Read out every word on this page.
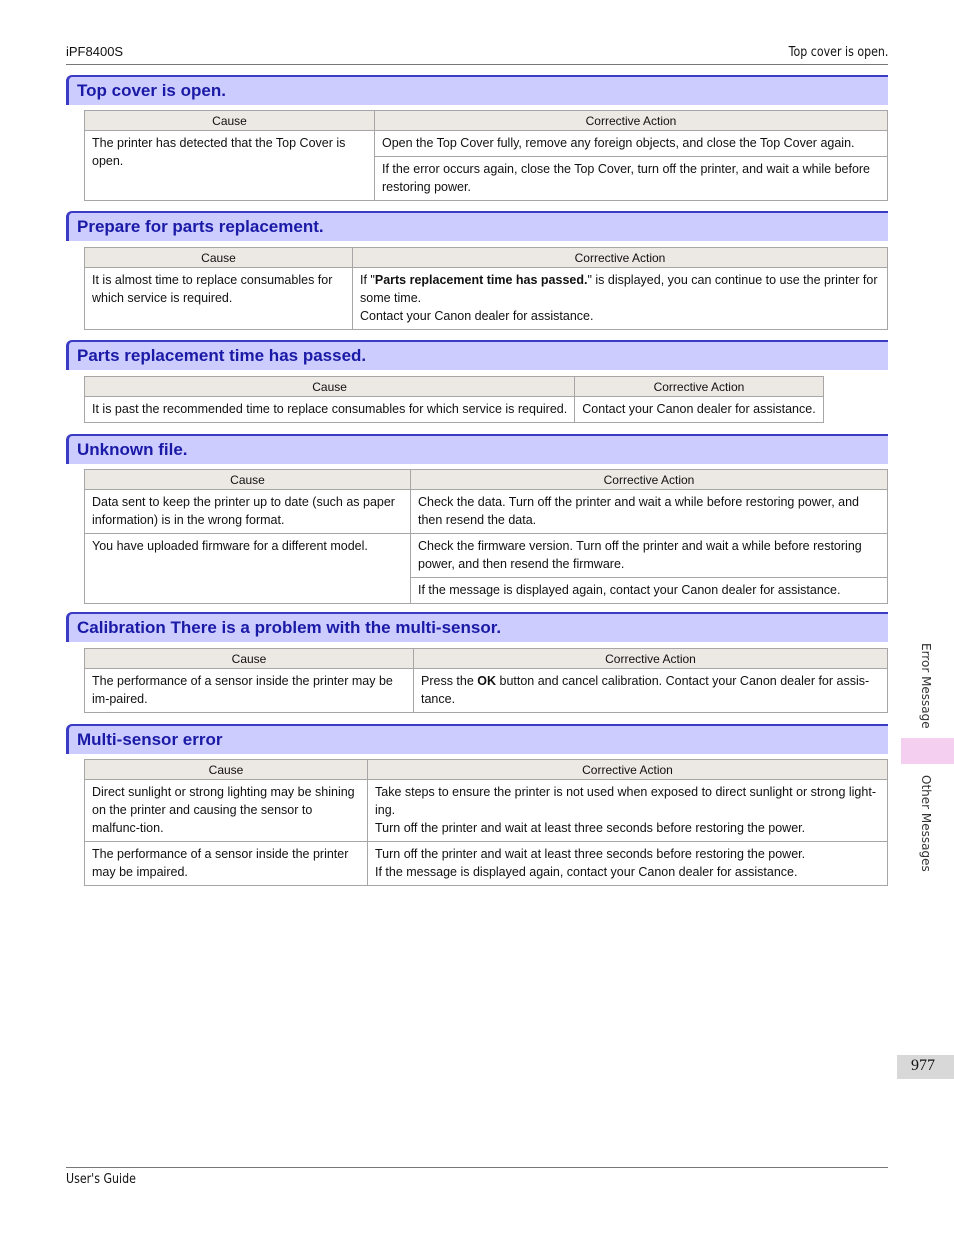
iPF8400S	Top cover is open.
Top cover is open.
Cause	Corrective Action
The printer has detected that the Top Cover is open.	Open the Top Cover fully, remove any foreign objects, and close the Top Cover again.
	If the error occurs again, close the Top Cover, turn off the printer, and wait a while before restoring power.
Prepare for parts replacement.
Cause	Corrective Action
It is almost time to replace consumables for which service is required.	If "Parts replacement time has passed." is displayed, you can continue to use the printer for some time.
Contact your Canon dealer for assistance.
Parts replacement time has passed.
Cause	Corrective Action
It is past the recommended time to replace consumables for which service is required.	Contact your Canon dealer for assistance.
Unknown file.
Cause	Corrective Action
Data sent to keep the printer up to date (such as paper information) is in the wrong format.	Check the data. Turn off the printer and wait a while before restoring power, and then resend the data.
You have uploaded firmware for a different model.	Check the firmware version. Turn off the printer and wait a while before restoring power, and then resend the firmware.
	If the message is displayed again, contact your Canon dealer for assistance.
Calibration There is a problem with the multi-sensor.
Cause	Corrective Action
The performance of a sensor inside the printer may be im-paired.	Press the OK button and cancel calibration. Contact your Canon dealer for assis-tance.
Multi-sensor error
Cause	Corrective Action
Direct sunlight or strong lighting may be shining on the printer and causing the sensor to malfunc-tion.	Take steps to ensure the printer is not used when exposed to direct sunlight or strong light-ing.
Turn off the printer and wait at least three seconds before restoring the power.
The performance of a sensor inside the printer may be impaired.	Turn off the printer and wait at least three seconds before restoring the power.
If the message is displayed again, contact your Canon dealer for assistance.
Error Message
Other Messages
977
User's Guide
